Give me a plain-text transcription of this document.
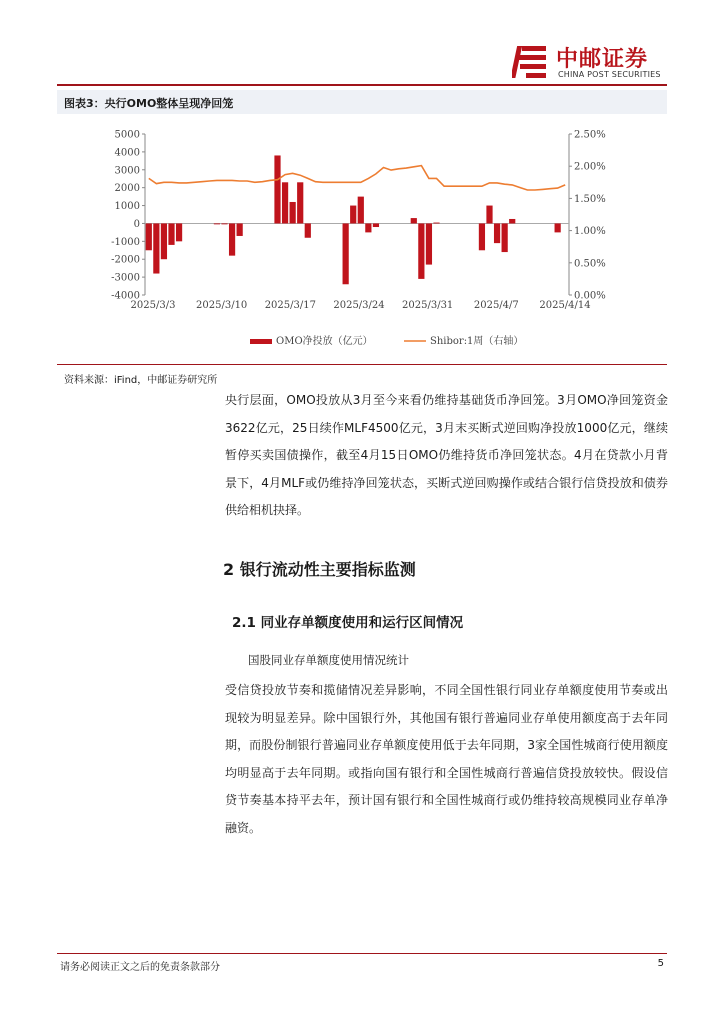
中邮证券
CHINA POST SECURITIES
图表3：央行OMO整体呈现净回笼
5000
4000
3000
2000
1000
0
-1000
-2000
-3000
-4000
2.50%
2.00%
1.50%
1.00%
0.50%
0.00%
2025/3/3 2025/3/10 2025/3/17 2025/3/24 2025/3/31 2025/4/7 2025/4/14
OMO净投放（亿元）	Shibor:1周（右轴）
资料来源：iFind，中邮证券研究所

央行层面，OMO投放从3月至今来看仍维持基础货币净回笼。3月OMO净回笼资金3622亿元，25日续作MLF4500亿元，3月末买断式逆回购净投放1000亿元，继续暂停买卖国债操作，截至4月15日OMO仍维持货币净回笼状态。4月在贷款小月背景下，4月MLF或仍维持净回笼状态，买断式逆回购操作或结合银行信贷投放和债券供给相机抉择。

2 银行流动性主要指标监测
2.1 同业存单额度使用和运行区间情况
国股同业存单额度使用情况统计

受信贷投放节奏和揽储情况差异影响，不同全国性银行同业存单额度使用节奏或出现较为明显差异。除中国银行外，其他国有银行普遍同业存单使用额度高于去年同期，而股份制银行普遍同业存单额度使用低于去年同期，3家全国性城商行使用额度均明显高于去年同期。或指向国有银行和全国性城商行普遍信贷投放较快。假设信贷节奏基本持平去年，预计国有银行和全国性城商行或仍维持较高规模同业存单净融资。

请务必阅读正文之后的免责条款部分	5
